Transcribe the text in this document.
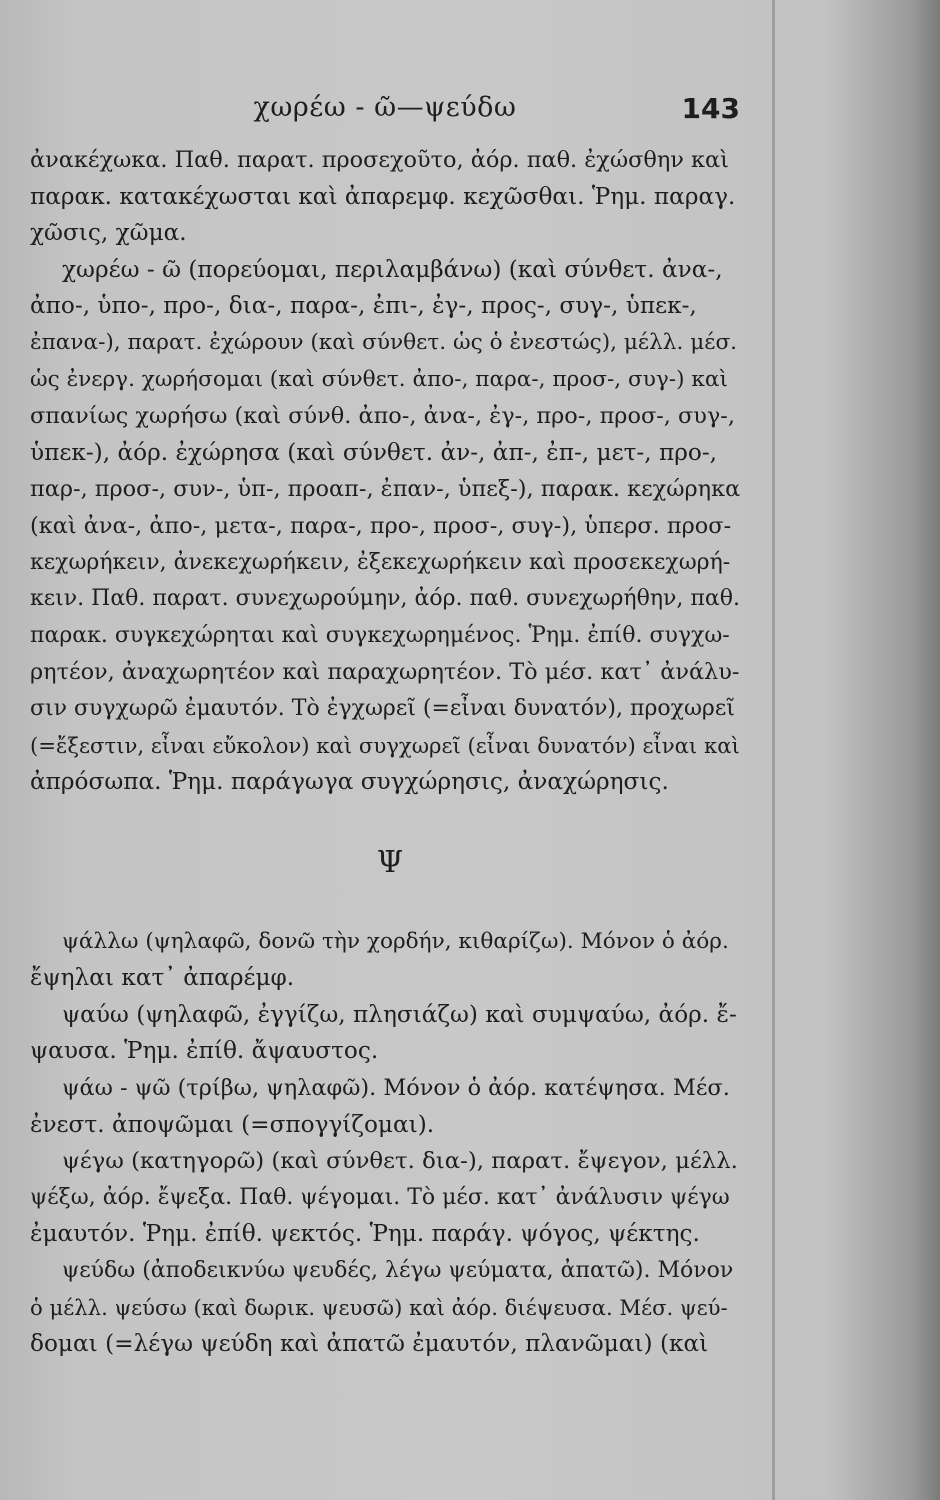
χωρέω - ῶ—ψεύδω	143
ἀνακέχωκα. Παθ. παρατ. προσεχοῦτο, ἀόρ. παθ. ἐχώσθην καὶ
παρακ. κατακέχωσται καὶ ἀπαρεμφ. κεχῶσθαι. Ῥημ. παραγ.
χῶσις, χῶμα.
χωρέω - ῶ (πορεύομαι, περιλαμβάνω) (καὶ σύνθετ. ἀνα-,
ἀπο-, ὑπο-, προ-, δια-, παρα-, ἐπι-, ἐγ-, προς-, συγ-, ὑπεκ-,
ἐπανα-), παρατ. ἐχώρουν (καὶ σύνθετ. ὡς ὁ ἐνεστώς), μέλλ. μέσ.
ὡς ἐνεργ. χωρήσομαι (καὶ σύνθετ. ἀπο-, παρα-, προσ-, συγ-) καὶ
σπανίως χωρήσω (καὶ σύνθ. ἀπο-, ἀνα-, ἐγ-, προ-, προσ-, συγ-,
ὑπεκ-), ἀόρ. ἐχώρησα (καὶ σύνθετ. ἀν-, ἀπ-, ἐπ-, μετ-, προ-,
παρ-, προσ-, συν-, ὑπ-, προαπ-, ἐπαν-, ὑπεξ-), παρακ. κεχώρηκα
(καὶ ἀνα-, ἀπο-, μετα-, παρα-, προ-, προσ-, συγ-), ὑπερσ. προσ-
κεχωρήκειν, ἀνεκεχωρήκειν, ἐξεκεχωρήκειν καὶ προσεκεχωρή-
κειν. Παθ. παρατ. συνεχωρούμην, ἀόρ. παθ. συνεχωρήθην, παθ.
παρακ. συγκεχώρηται καὶ συγκεχωρημένος. Ῥημ. ἐπίθ. συγχω-
ρητέον, ἀναχωρητέον καὶ παραχωρητέον. Τὸ μέσ. κατ᾽ ἀνάλυ-
σιν συγχωρῶ ἐμαυτόν. Τὸ ἐγχωρεῖ (=εἶναι δυνατόν), προχωρεῖ
(=ἔξεστιν, εἶναι εὔκολον) καὶ συγχωρεῖ (εἶναι δυνατόν) εἶναι καὶ
ἀπρόσωπα. Ῥημ. παράγωγα συγχώρησις, ἀναχώρησις.
Ψ
ψάλλω (ψηλαφῶ, δονῶ τὴν χορδήν, κιθαρίζω). Μόνον ὁ ἀόρ.
ἔψηλαι κατ᾽ ἀπαρέμφ.
ψαύω (ψηλαφῶ, ἐγγίζω, πλησιάζω) καὶ συμψαύω, ἀόρ. ἔ-
ψαυσα. Ῥημ. ἐπίθ. ἄψαυστος.
ψάω - ψῶ (τρίβω, ψηλαφῶ). Μόνον ὁ ἀόρ. κατέψησα. Μέσ.
ἐνεστ. ἀποψῶμαι (=σπογγίζομαι).
ψέγω (κατηγορῶ) (καὶ σύνθετ. δια-), παρατ. ἔψεγον, μέλλ.
ψέξω, ἀόρ. ἔψεξα. Παθ. ψέγομαι. Τὸ μέσ. κατ᾽ ἀνάλυσιν ψέγω
ἐμαυτόν. Ῥημ. ἐπίθ. ψεκτός. Ῥημ. παράγ. ψόγος, ψέκτης.
ψεύδω (ἀποδεικνύω ψευδές, λέγω ψεύματα, ἀπατῶ). Μόνον
ὁ μέλλ. ψεύσω (καὶ δωρικ. ψευσῶ) καὶ ἀόρ. διέψευσα. Μέσ. ψεύ-
δομαι (=λέγω ψεύδη καὶ ἀπατῶ ἐμαυτόν, πλανῶμαι) (καὶ
